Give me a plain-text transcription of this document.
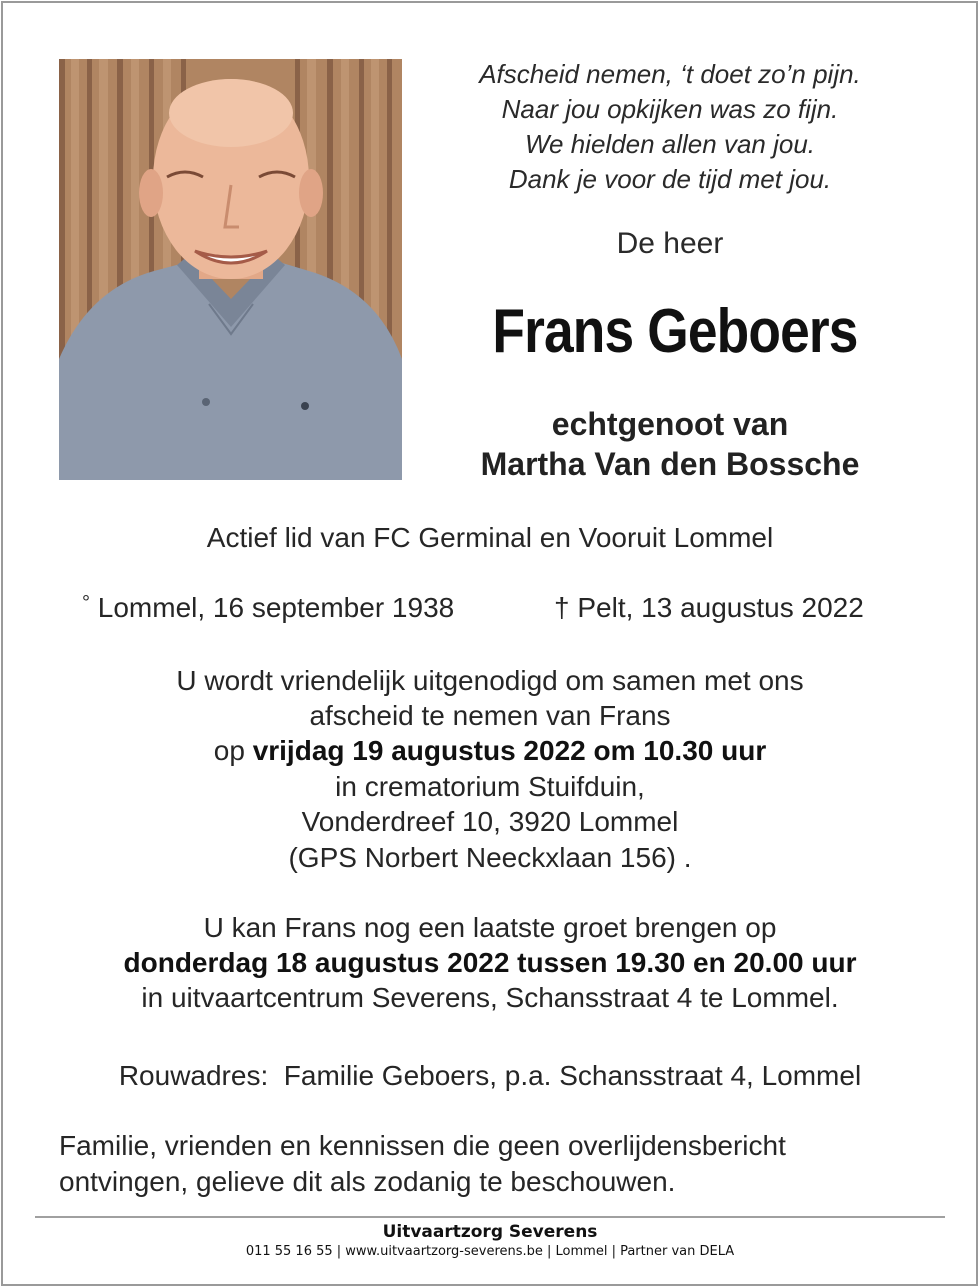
Afscheid nemen, ‘t doet zo’n pijn.
Naar jou opkijken was zo fijn.
We hielden allen van jou.
Dank je voor de tijd met jou.
De heer
Frans Geboers
echtgenoot van
Martha Van den Bossche
Actief lid van FC Germinal en Vooruit Lommel
° Lommel, 16 september 1938	† Pelt, 13 augustus 2022
U wordt vriendelijk uitgenodigd om samen met ons
afscheid te nemen van Frans
op vrijdag 19 augustus 2022 om 10.30 uur
in crematorium Stuifduin,
Vonderdreef 10, 3920 Lommel
(GPS Norbert Neeckxlaan 156) .
U kan Frans nog een laatste groet brengen op
donderdag 18 augustus 2022 tussen 19.30 en 20.00 uur
in uitvaartcentrum Severens, Schansstraat 4 te Lommel.
Rouwadres: Familie Geboers, p.a. Schansstraat 4, Lommel
Familie, vrienden en kennissen die geen overlijdensbericht
ontvingen, gelieve dit als zodanig te beschouwen.
Uitvaartzorg Severens
011 55 16 55 | www.uitvaartzorg-severens.be | Lommel | Partner van DELA
